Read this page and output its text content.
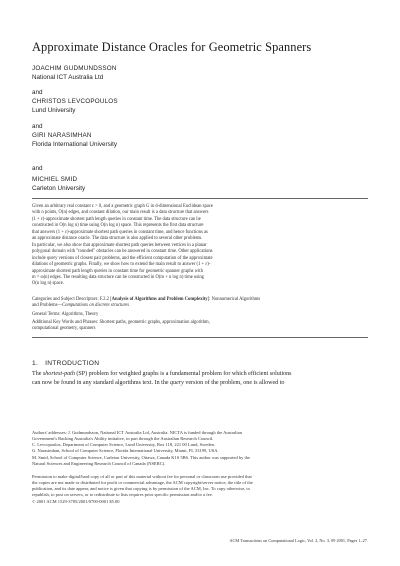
Approximate Distance Oracles for Geometric Spanners
JOACHIM GUDMUNDSSON
National ICT Australia Ltd
and
CHRISTOS LEVCOPOULOS
Lund University
and
GIRI NARASIMHAN
Florida International University
and
MICHIEL SMID
Carleton University
Given an arbitrary real constant ε > 0, and a geometric graph G in d-dimensional Euclidean space
with n points, O(n) edges, and constant dilation, our main result is a data structure that answers
(1 + ε)-approximate shortest path length queries in constant time. The data structure can be
constructed in O(n log n) time using O(n log n) space. This represents the first data structure
that answers (1 + ε)-approximate shortest path queries in constant time, and hence functions as
an approximate distance oracle. The data structure is also applied to several other problems.
In particular, we also show that approximate shortest path queries between vertices in a planar
polygonal domain with "rounded" obstacles can be answered in constant time. Other applications
include query versions of closest pair problems, and the efficient computation of the approximate
dilations of geometric graphs. Finally, we show how to extend the main result to answer (1 + ε)-
approximate shortest path length queries in constant time for geometric spanner graphs with
m = ω(n) edges. The resulting data structure can be constructed in O(m + n log n) time using
O(n log n) space.
Categories and Subject Descriptors: F.2.2 [Analysis of Algorithms and Problem Complexity]: Nonnumerical Algorithms
and Problems—Computations on discrete structures
General Terms: Algorithms, Theory
Additional Key Words and Phrases: Shortest paths, geometric graphs, approximation algorithm,
computational geometry, spanners
1. INTRODUCTION
The shortest-path (SP) problem for weighted graphs is a fundamental problem for which efficient solutions
can now be found in any standard algorithms text. In the query version of the problem, one is allowed to
Authors' addresses: J. Gudmundsson, National ICT Australia Ltd, Australia. NICTA is funded through the Australian
Government's Backing Australia's Ability initiative, in part through the Australian Research Council.
C. Levcopoulos, Department of Computer Science, Lund University, Box 118, 221 00 Lund, Sweden.
G. Narasimhan, School of Computer Science, Florida International University, Miami, FL 33199, USA.
M. Smid, School of Computer Science, Carleton University, Ottawa, Canada K1S 5B6. This author was supported by the
Natural Sciences and Engineering Research Council of Canada (NSERC).
Permission to make digital/hard copy of all or part of this material without fee for personal or classroom use provided that
the copies are not made or distributed for profit or commercial advantage, the ACM copyright/server notice, the title of the
publication, and its date appear, and notice is given that copying is by permission of the ACM, Inc. To copy otherwise, to
republish, to post on servers, or to redistribute to lists requires prior specific permission and/or a fee.
© 2001 ACM 1529-3785/2001/0700-0001 $5.00
ACM Transactions on Computational Logic, Vol. 2, No. 3, 09 2001, Pages 1–27.
